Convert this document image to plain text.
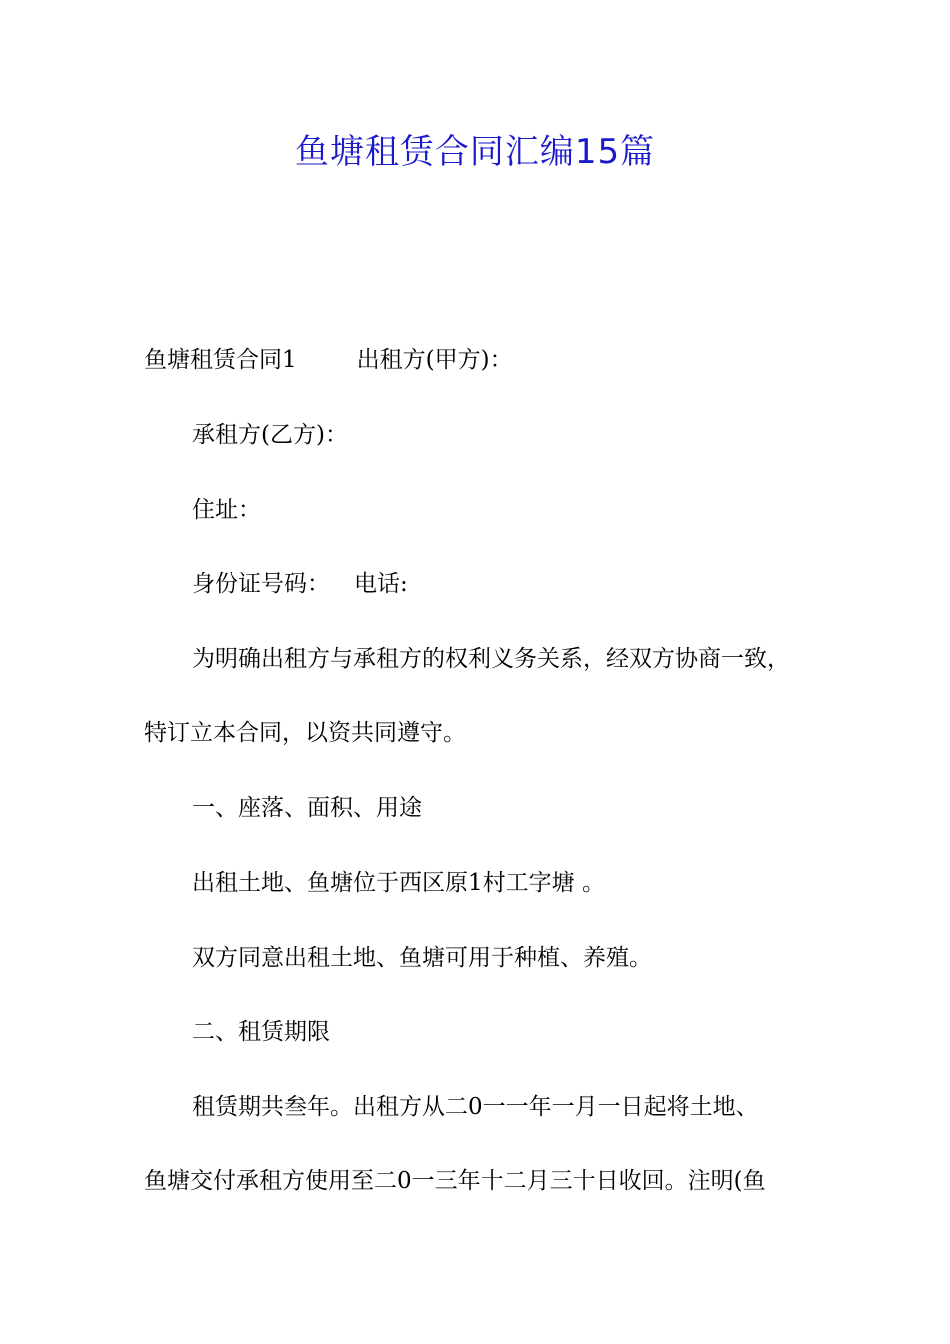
鱼塘租赁合同汇编15篇
鱼塘租赁合同1	出租方(甲方)：
承租方(乙方)：
住址：
身份证号码： 电话:
为明确出租方与承租方的权利义务关系，经双方协商一致，
特订立本合同，以资共同遵守。
一、座落、面积、用途
出租土地、鱼塘位于西区原1村工字塘 。
双方同意出租土地、鱼塘可用于种植、养殖。
二、租赁期限
租赁期共叁年。出租方从二0一一年一月一日起将土地、
鱼塘交付承租方使用至二0一三年十二月三十日收回。注明(鱼
